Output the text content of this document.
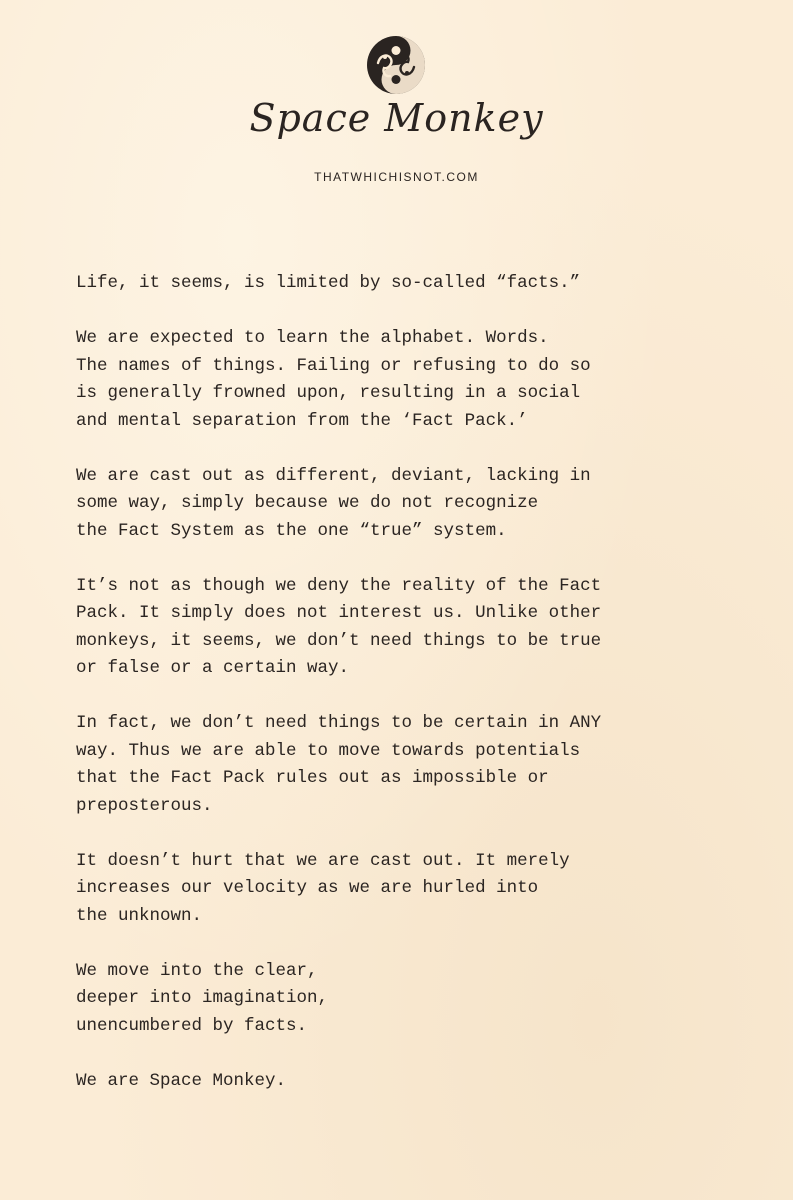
Space Monkey
THATWHICHISNOT.COM

Life, it seems, is limited by so-called “facts.”

We are expected to learn the alphabet. Words.
The names of things. Failing or refusing to do so
is generally frowned upon, resulting in a social
and mental separation from the ‘Fact Pack.’

We are cast out as different, deviant, lacking in
some way, simply because we do not recognize
the Fact System as the one “true” system.

It’s not as though we deny the reality of the Fact
Pack. It simply does not interest us. Unlike other
monkeys, it seems, we don’t need things to be true
or false or a certain way.

In fact, we don’t need things to be certain in ANY
way. Thus we are able to move towards potentials
that the Fact Pack rules out as impossible or
preposterous.

It doesn’t hurt that we are cast out. It merely
increases our velocity as we are hurled into
the unknown.

We move into the clear,
deeper into imagination,
unencumbered by facts.

We are Space Monkey.
